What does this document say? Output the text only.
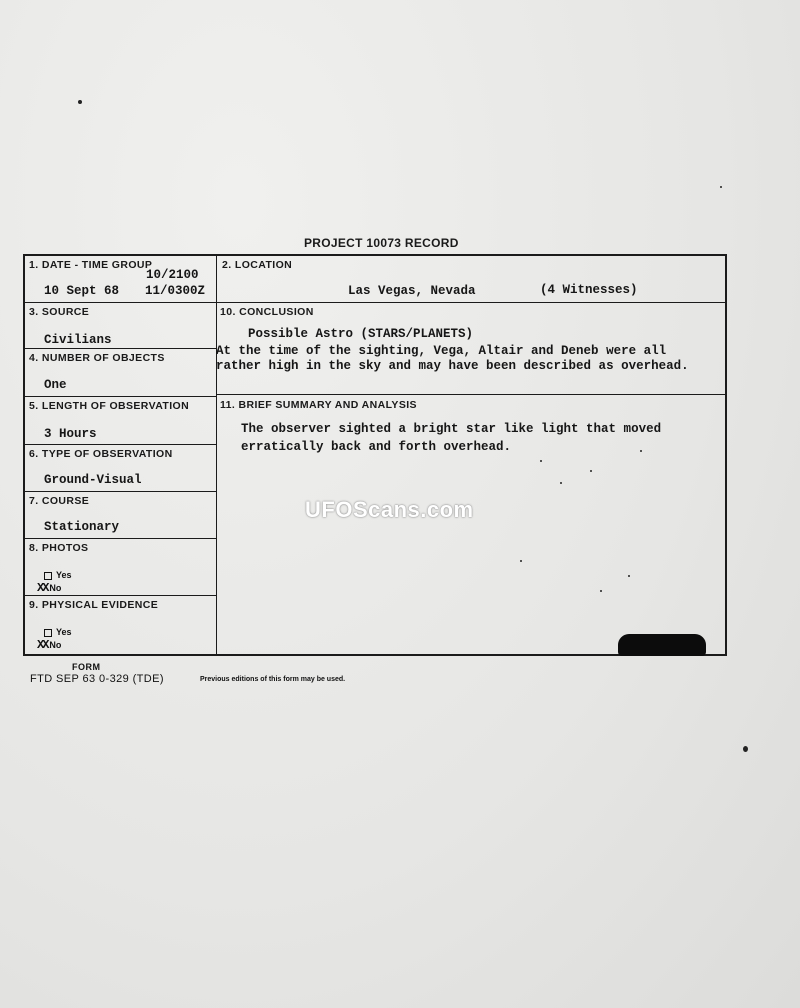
PROJECT 10073 RECORD
1. DATE - TIME GROUP
10/2100
10 Sept 68 11/0300Z
2. LOCATION
Las Vegas, Nevada	(4 Witnesses)
3. SOURCE
Civilians
4. NUMBER OF OBJECTS
One
5. LENGTH OF OBSERVATION
3 Hours
6. TYPE OF OBSERVATION
Ground-Visual
7. COURSE
Stationary
8. PHOTOS
Yes
XX No
9. PHYSICAL EVIDENCE
Yes
XX No
10. CONCLUSION
Possible Astro (STARS/PLANETS)
At the time of the sighting, Vega, Altair and Deneb were all
rather high in the sky and may have been described as overhead.
11. BRIEF SUMMARY AND ANALYSIS
The observer sighted a bright star like light that moved
erratically back and forth overhead.
UFOScans.com
FORM
FTD SEP 63 0-329 (TDE)	Previous editions of this form may be used.
